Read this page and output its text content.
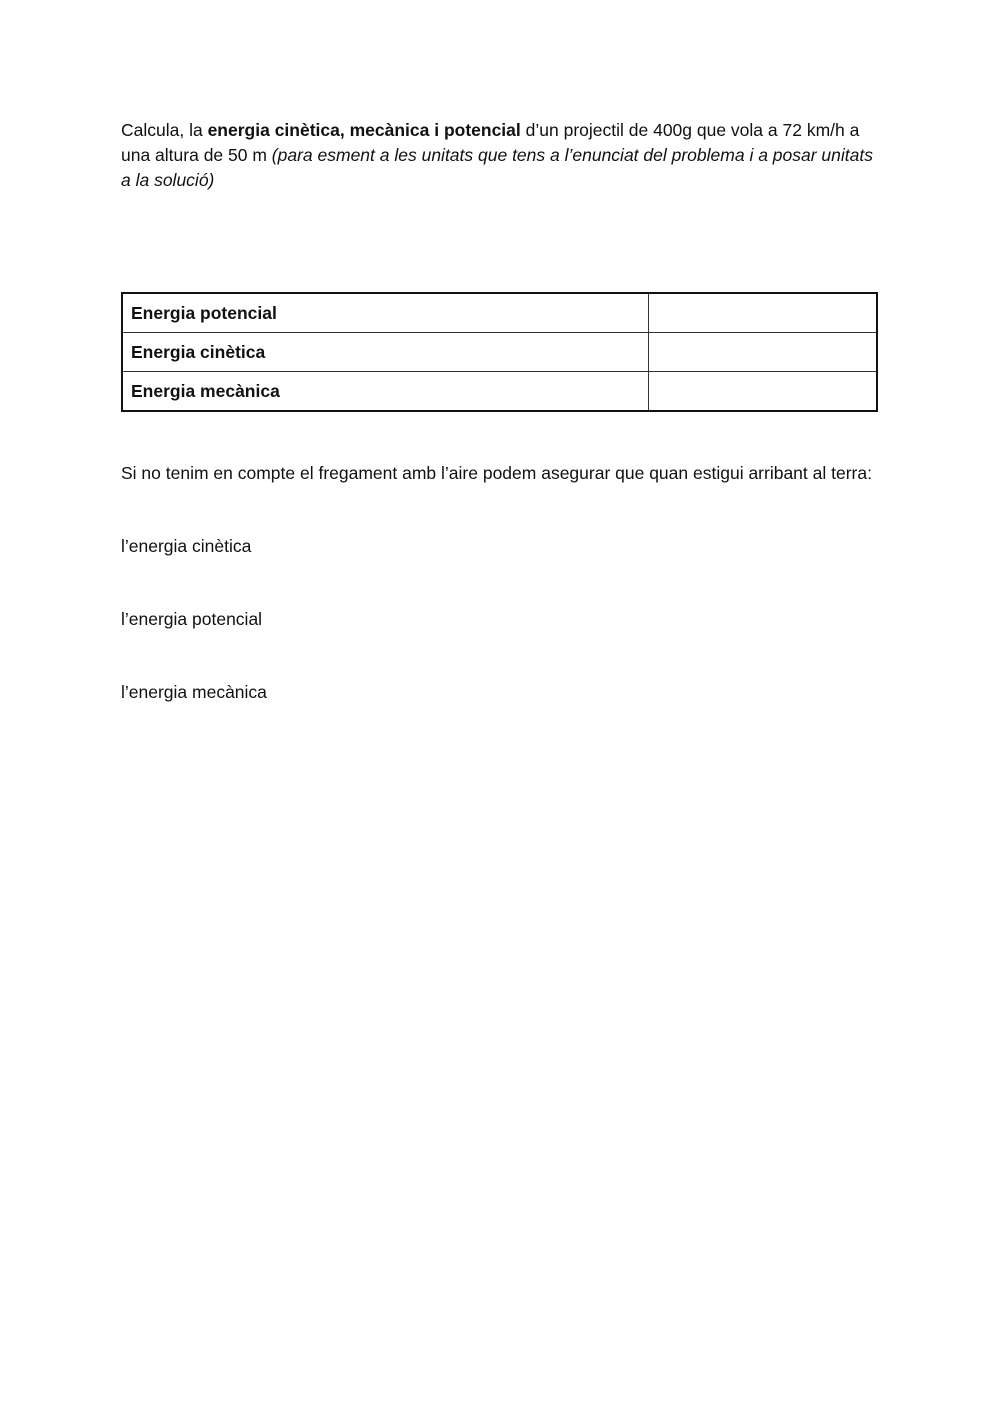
Calcula, la energia cinètica, mecànica i potencial d’un projectil de 400g que vola a 72 km/h a una altura de 50 m (para esment a les unitats que tens a l’enunciat del problema i a posar unitats a la solució)

Energia potencial	
Energia cinètica	
Energia mecànica	

Si no tenim en compte el fregament amb l’aire podem asegurar que quan estigui arribant al terra:

l’energia cinètica
l’energia potencial
l’energia mecànica
